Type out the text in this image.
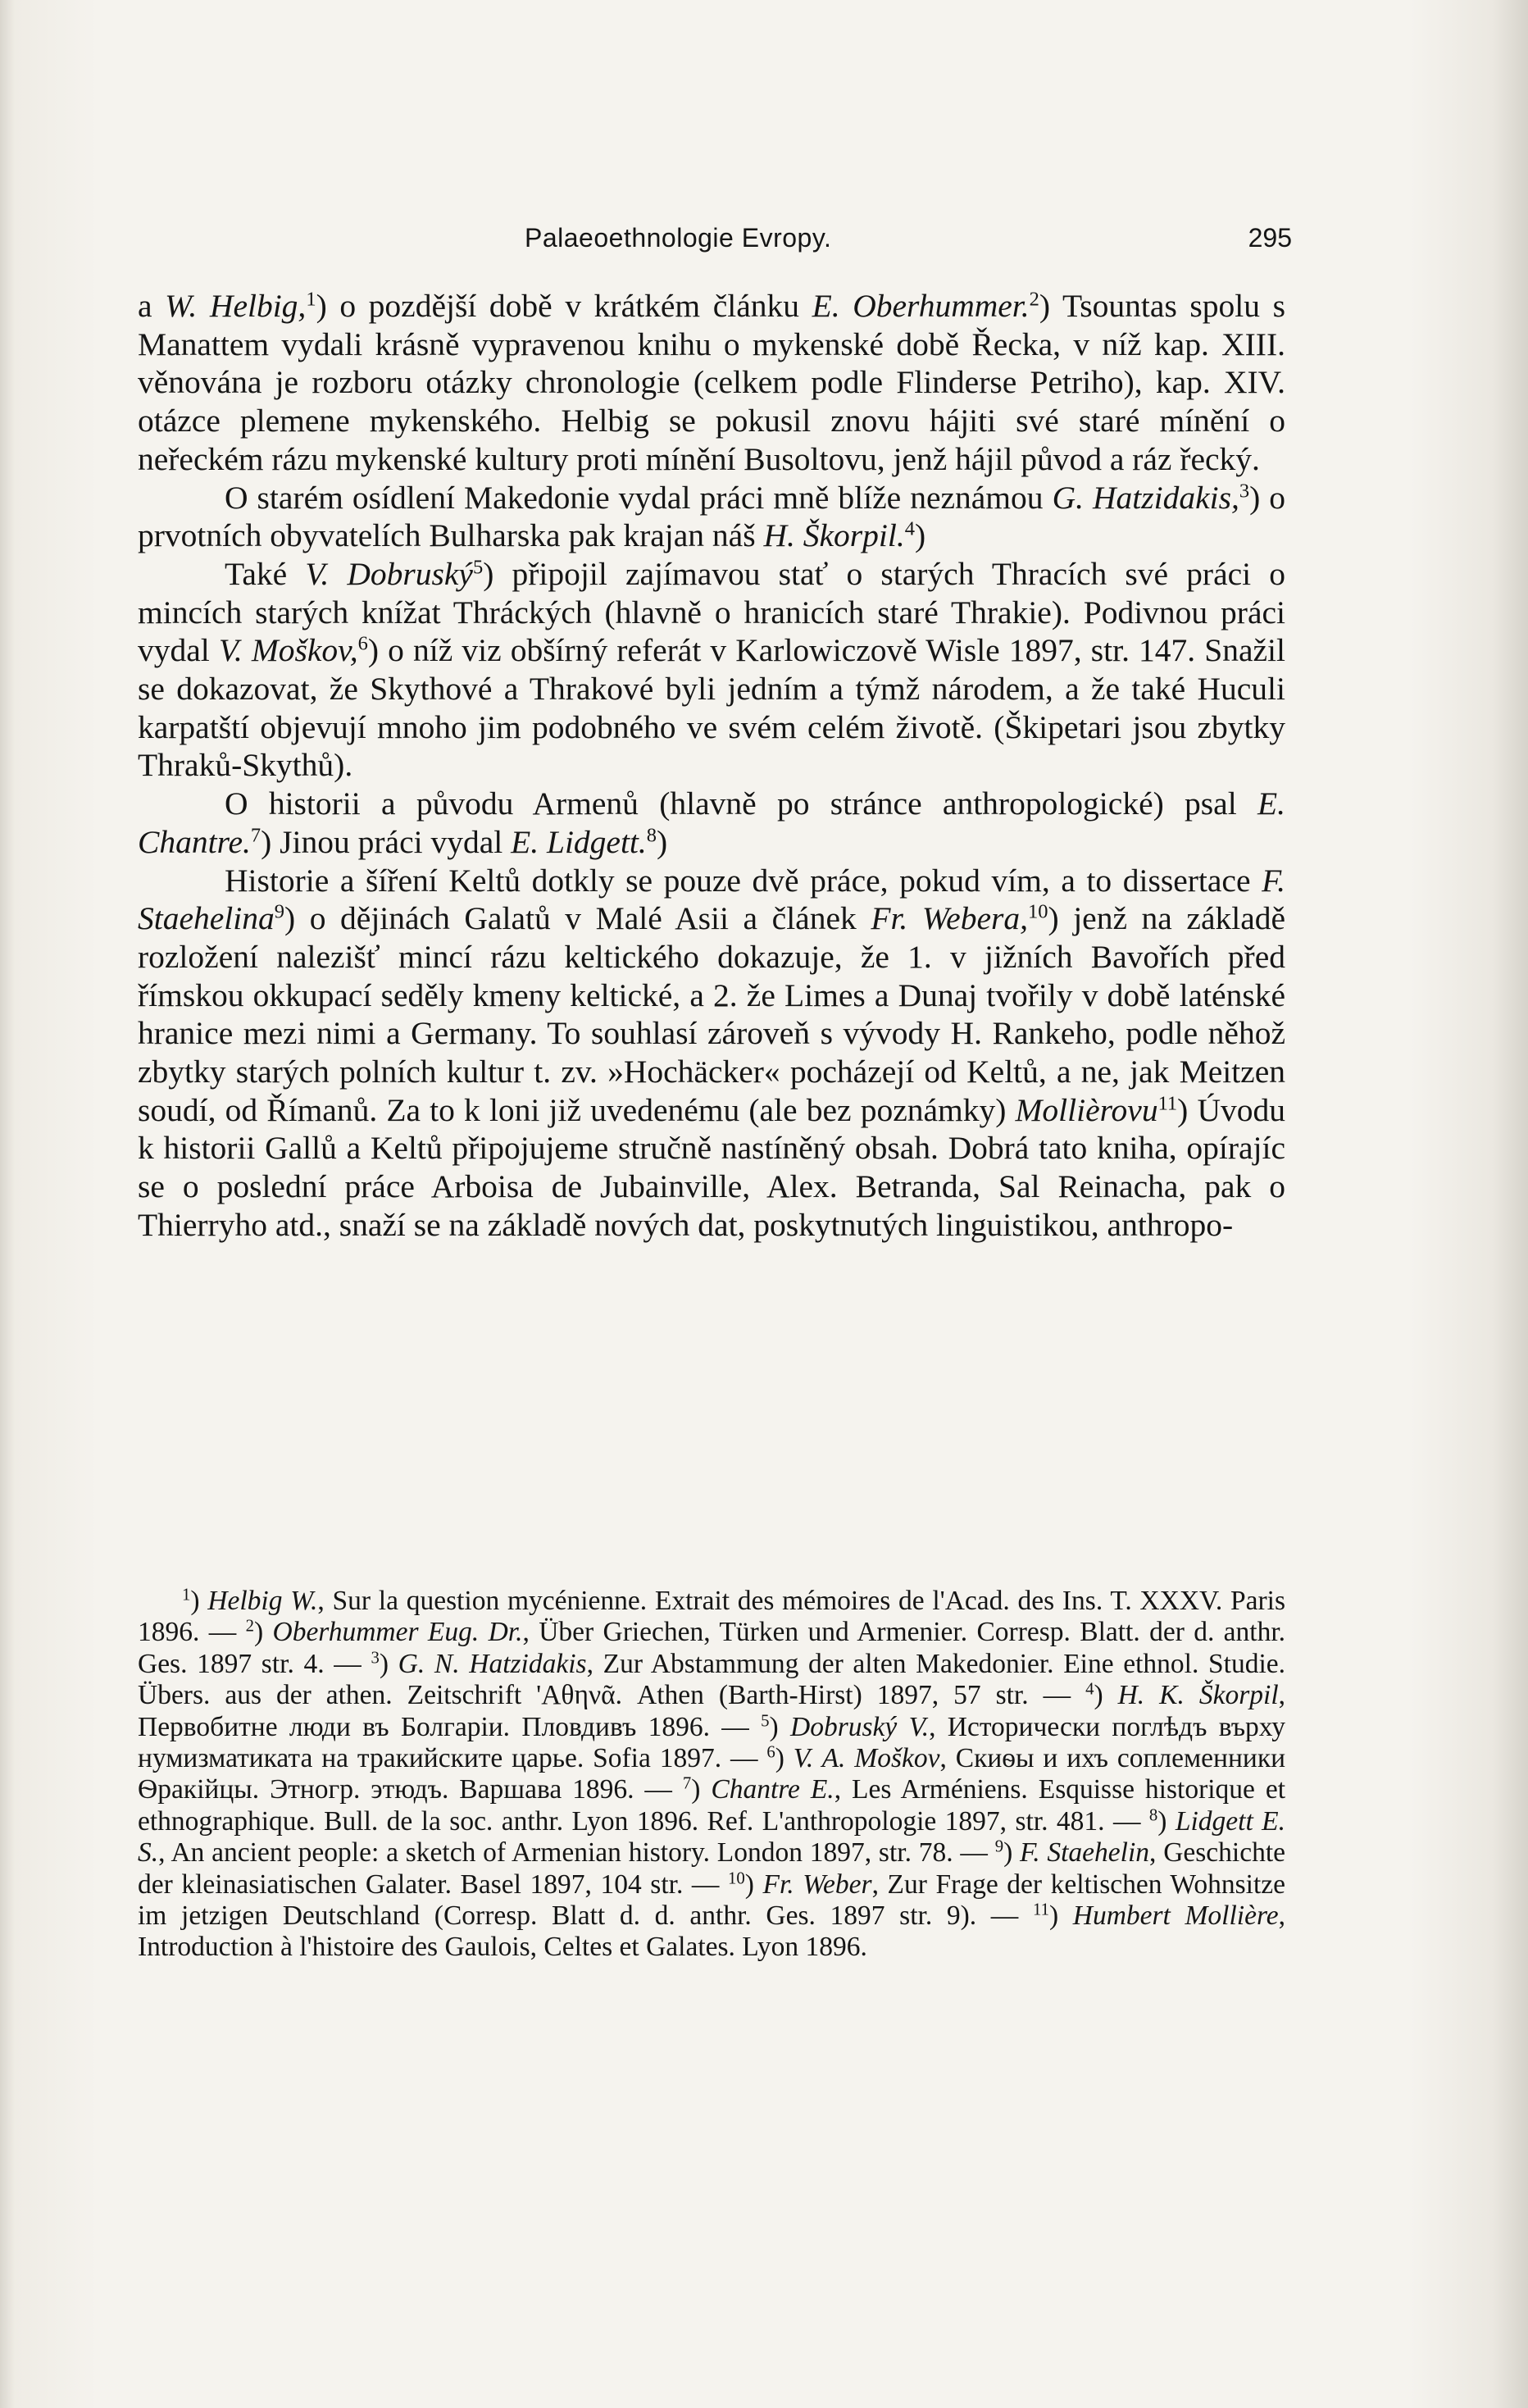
Palaeoethnologie Evropy.	295

a W. Helbig,$^1$) o pozdější době v krátkém článku E. Oberhummer.$^2$) Tsountas spolu s Manattem vydali krásně vypravenou knihu o mykenské době Řecka, v níž kap. XIII. věnována je rozboru otázky chronologie (celkem podle Flinderse Petriho), kap. XIV. otázce plemene mykenského. Helbig se pokusil znovu hájiti své staré mínění o neřeckém rázu mykenské kultury proti mínění Busoltovu, jenž hájil původ a ráz řecký.

O starém osídlení Makedonie vydal práci mně blíže neznámou G. Hatzidakis,$^3$) o prvotních obyvatelích Bulharska pak krajan náš H. Škorpil.$^4$)

Také V. Dobruský$^5$) připojil zajímavou stať o starých Thracích své práci o mincích starých knížat Thráckých (hlavně o hranicích staré Thrakie). Podivnou práci vydal V. Moškov,$^6$) o níž viz obšírný referát v Karlowiczově Wisle 1897, str. 147. Snažil se dokazovat, že Skythové a Thrakové byli jedním a týmž národem, a že také Huculi karpatští objevují mnoho jim podobného ve svém celém životě. (Škipetari jsou zbytky Thraků-Skythů).

O historii a původu Armenů (hlavně po stránce anthropologické) psal E. Chantre.$^7$) Jinou práci vydal E. Lidgett.$^8$)

Historie a šíření Keltů dotkly se pouze dvě práce, pokud vím, a to dissertace F. Staehelina$^9$) o dějinách Galatů v Malé Asii a článek Fr. Webera,$^{10}$) jenž na základě rozložení nalezišť mincí rázu keltického dokazuje, že 1. v jižních Bavořích před římskou okkupací seděly kmeny keltické, a 2. že Limes a Dunaj tvořily v době laténské hranice mezi nimi a Germany. To souhlasí zároveň s vývody H. Rankeho, podle něhož zbytky starých polních kultur t. zv. »Hochäcker« pocházejí od Keltů, a ne, jak Meitzen soudí, od Římanů. Za to k loni již uvedenému (ale bez poznámky) Mollièrovu$^{11}$) Úvodu k historii Gallů a Keltů připojujeme stručně nastíněný obsah. Dobrá tato kniha, opírajíc se o poslední práce Arboisa de Jubainville, Alex. Betranda, Sal Reinacha, pak o Thierryho atd., snaží se na základě nových dat, poskytnutých linguistikou, anthropo-

$^1$) Helbig W., Sur la question mycénienne. Extrait des mémoires de l'Acad. des Ins. T. XXXV. Paris 1896. — $^2$) Oberhummer Eug. Dr., Über Griechen, Türken und Armenier. Corresp. Blatt. der d. anthr. Ges. 1897 str. 4. — $^3$) G. N. Hatzidakis, Zur Abstammung der alten Makedonier. Eine ethnol. Studie. Übers. aus der athen. Zeitschrift 'Αθηνᾶ. Athen (Barth-Hirst) 1897, 57 str. — $^4$) H. K. Škorpil, Первобитне люди въ Болгарiи. Пловдивъ 1896. — $^5$) Dobruský V., Исторически поглѣдъ върху нумизматиката на тракийските царье. Sofia 1897. — $^6$) V. A. Moškov, Скиѳы и ихъ соплеменники Ѳракiйцы. Этногр. этюдъ. Варшава 1896. — $^7$) Chantre E., Les Arméniens. Esquisse historique et ethnographique. Bull. de la soc. anthr. Lyon 1896. Ref. L'anthropologie 1897, str. 481. — $^8$) Lidgett E. S., An ancient people: a sketch of Armenian history. London 1897, str. 78. — $^9$) F. Staehelin, Geschichte der kleinasiatischen Galater. Basel 1897, 104 str. — $^{10}$) Fr. Weber, Zur Frage der keltischen Wohnsitze im jetzigen Deutschland (Corresp. Blatt d. d. anthr. Ges. 1897 str. 9). — $^{11}$) Humbert Mollière, Introduction à l'histoire des Gaulois, Celtes et Galates. Lyon 1896.
